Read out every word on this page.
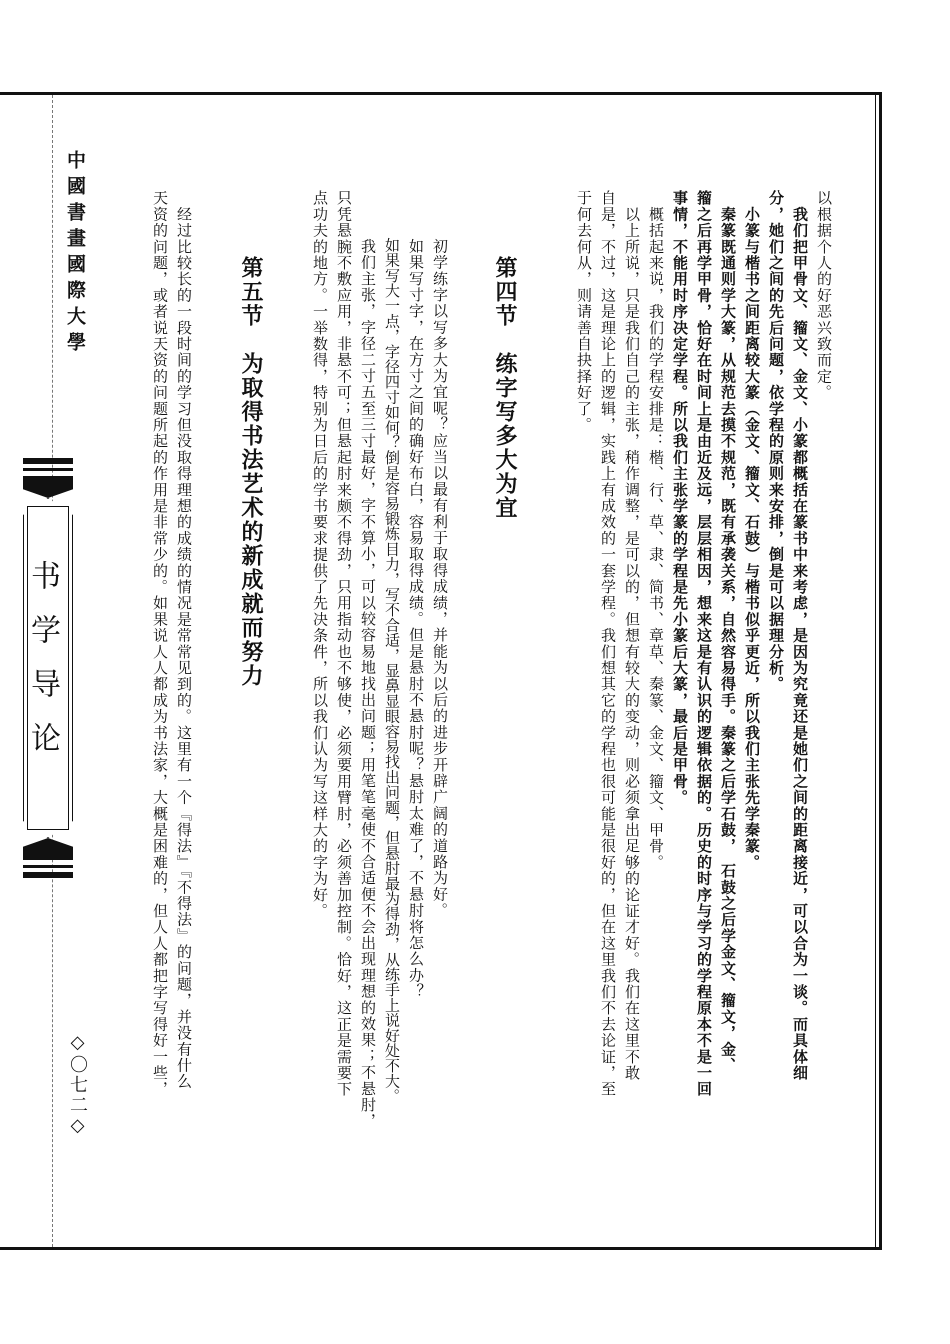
中國書畫國際大學
书学导论
◇〇七二◇
以根据个人的好恶兴致而定。
　我们把甲骨文、籀文、金文、小篆都概括在篆书中来考虑，是因为究竟还是她们之间的距离接近，可以合为一谈。而具体细
分，她们之间的先后问题，依学程的原则来安排，倒是可以据理分析。
　小篆与楷书之间距离较大篆（金文、籀文、石鼓）与楷书似乎更近，所以我们主张先学秦篆。
　秦篆既通则学大篆，从规范去摸不规范，既有承袭关系，自然容易得手。秦篆之后学石鼓，　石鼓之后学金文、籀文，金、
籀之后再学甲骨，恰好在时间上是由近及远，层层相因，想来这是有认识的逻辑依据的。历史的时序与学习的学程原本不是一回
事情，不能用时序决定学程。所以我们主张学篆的学程是先小篆后大篆，最后是甲骨。
　概括起来说，我们的学程安排是：楷、行、草、隶、简书、章草、秦篆、金文、籀文、甲骨。
　以上所说，只是我们自己的主张，稍作调整，是可以的，但想有较大的变动，则必须拿出足够的论证才好。我们在这里不敢
自是，不过，这是理论上的逻辑，实践上有成效的一套学程。我们想其它的学程也很可能是很好的，但在这里我们不去论证，至
于何去何从，则请善自抉择好了。
第四节　练字写多大为宜
　初学练字以写多大为宜呢？应当以最有利于取得成绩，并能为以后的进步开辟广阔的道路为好。
　如果写寸字，在方寸之间的确好布白，容易取得成绩。但是悬肘不悬肘呢？悬肘太难了，不悬肘将怎么办？
　如果写大一点，字径四寸如何？倒是容易锻炼目力，写不合适，显鼻显眼容易找出问题，但悬肘最为得劲，从练手上说好处不大。
　我们主张，字径二寸五至三寸最好，字不算小，可以较容易地找出问题；用笔笔毫使不合适便不会出现理想的效果；不悬肘，
只凭悬腕不敷应用，非悬不可；但悬起肘来颇不得劲，只用指动也不够使，必须要用臂肘，必须善加控制。恰好，这正是需要下
点功夫的地方。一举数得，特别为日后的学书要求提供了先决条件，所以我们认为写这样大的字为好。
第五节　为取得书法艺术的新成就而努力
　经过比较长的一段时间的学习但没取得理想的成绩的情况是常常见到的。这里有一个『得法』『不得法』的问题，并没有什么
天资的问题，或者说天资的问题所起的作用是非常少的。如果说人人都成为书法家，大概是困难的，但人人都把字写得好一些，
